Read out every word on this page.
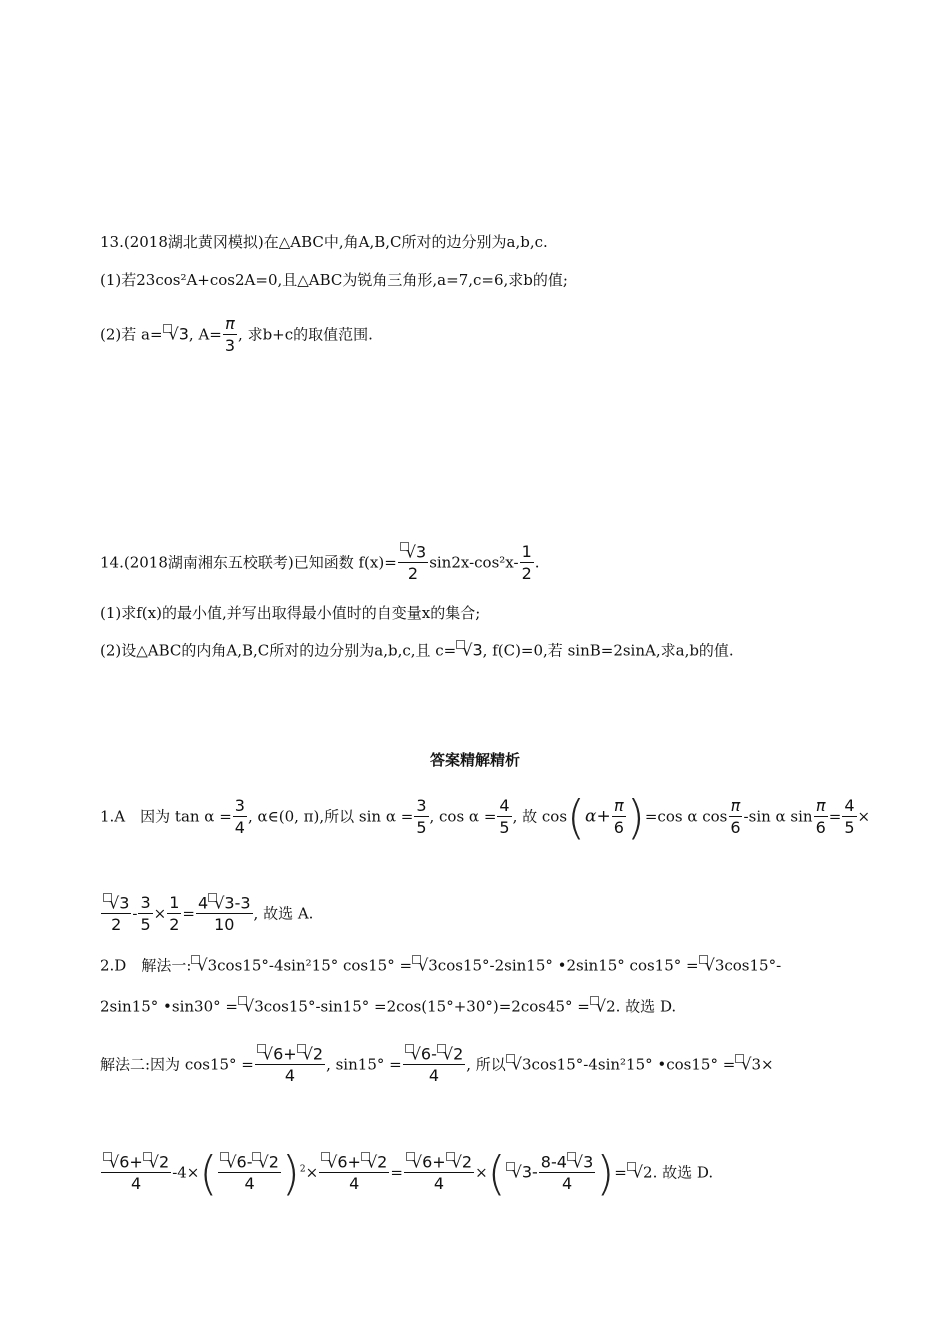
13.(2018湖北黄冈模拟)在△ABC中,角A,B,C所对的边分别为a,b,c.
(1)若23cos²A+cos2A=0,且△ABC为锐角三角形,a=7,c=6,求b的值;
(2)若 a= √3, $A= \frac{\pi}{3}$ , 求b+c的取值范围.
14.(2018湖南湘东五校联考)已知函数 $f(x)= \frac{√3}{2} \sin 2x-\cos^2x- \frac{1}{2}$ .
(1)求f(x)的最小值,并写出取得最小值时的自变量x的集合;
(2)设△ABC的内角A,B,C所对的边分别为a,b,c,且 c= √3, f(C)=0,若 sinB=2sinA,求a,b的值.
答案精解精析
1.A　因为 $\tan \alpha = \frac{3}{4}$ , α∈(0, π),所以 $\sin \alpha = \frac{3}{5}$ , $\cos \alpha = \frac{4}{5}$ , 故 $\cos(\alpha+ \frac{\pi}{6} )=\cos$ α $\cos \frac{\pi}{6} -\sin$ α $\sin \frac{\pi}{6} = \frac{4}{5}$ ×
$\frac{√3}{2} - \frac{3}{5} \times \frac{1}{2} = \frac{4 √3-3}{10}$ , 故选 A.
2.D　解法一: √3cos15°-4sin²15° cos15° = √3cos15°-2sin15° •2sin15° cos15° = √3cos15°-
2sin15° •sin30° = √3cos15°-sin15° =2cos(15°+30°)=2cos45° = √2. 故选 D.
解法二:因为 $\cos 15^\circ = \frac{√6+ √2}{4}$ , $\sin 15^\circ = \frac{√6- √2}{4}$ , 所以 √3cos15°-4sin²15° •cos15° = √3×
$\frac{√6+ √2}{4} -4\times( \frac{√6- √2}{4} )^2\times \frac{√6+ √2}{4} = \frac{√6+ √2}{4}$ ×( $√3- \frac{8-4 √3}{4}$ )= √2. 故选 D.
